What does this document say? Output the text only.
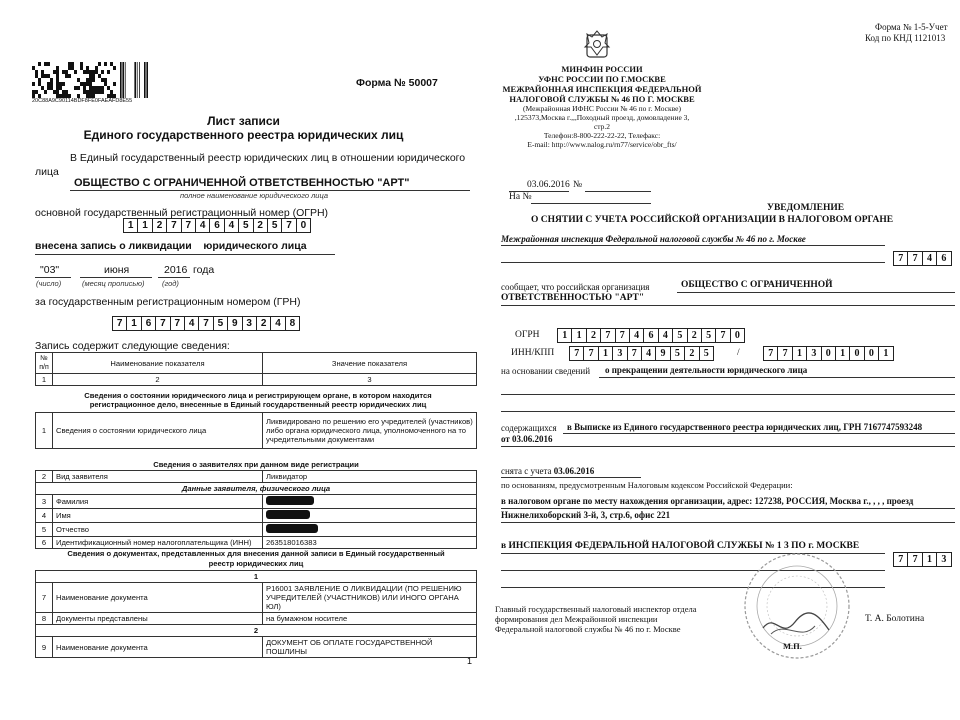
20C88A9C90114BDF8FE0FAEAFD8E55
Форма № 50007
Лист записи
Единого государственного реестра юридических лиц
В Единый государственный реестр юридических лиц в отношении юридического
лица
ОБЩЕСТВО С ОГРАНИЧЕННОЙ ОТВЕТСТВЕННОСТЬЮ "АРТ"
полное наименование юридического лица
основной государственный регистрационный номер (ОГРН)
1 1 2 7 7 4 6 4 5 2 5 7 0
внесена запись о ликвидации юридического лица
"03"	июня	2016 года
(число)	(месяц прописью) (год)
за государственным регистрационным номером (ГРН)
7 1 6 7 7 4 7 5 9 3 2 4 8
Запись содержит следующие сведения:
№ п/п	Наименование показателя	Значение показателя
1	2	3
Сведения о состоянии юридического лица и регистрирующем органе, в котором находится регистрационное дело, внесенные в Единый государственный реестр юридических лиц
1	Сведения о состоянии юридического лица	Ликвидировано по решению его учредителей (участников) либо органа юридического лица, уполномоченного на то учредительными документами
Сведения о заявителях при данном виде регистрации
2	Вид заявителя	Ликвидатор
Данные заявителя, физического лица		
3	Фамилия	
4	Имя	
5	Отчество	
6	Идентификационный номер налогоплательщика (ИНН)	263518016383
Сведения о документах, представленных для внесения данной записи в Единый государственный
реестр юридических лиц
1		
7	Наименование документа	Р16001 ЗАЯВЛЕНИЕ О ЛИКВИДАЦИИ (ПО РЕШЕНИЮ УЧРЕДИТЕЛЕЙ (УЧАСТНИКОВ) ИЛИ ИНОГО ОРГАНА ЮЛ)
8	Документы представлены	на бумажном носителе
2		
9	Наименование документа	ДОКУМЕНТ ОБ ОПЛАТЕ ГОСУДАРСТВЕННОЙ ПОШЛИНЫ
1
Форма № 1-5-Учет
Код по КНД 1121013
МИНФИН РОССИИ
УФНС РОССИИ ПО Г.МОСКВЕ
МЕЖРАЙОННАЯ ИНСПЕКЦИЯ ФЕДЕРАЛЬНОЙ
НАЛОГОВОЙ СЛУЖБЫ № 46 ПО Г. МОСКВЕ
(Межрайонная ИФНС России № 46 по г. Москве)
,125373,Москва г.,,,Походный проезд, домовладение 3,
стр.2
Телефон:8-800-222-22-22, Телефакс:
E-mail: http://www.nalog.ru/rn77/service/obr_fts/
03.06.2016 №
На №
УВЕДОМЛЕНИЕ
О СНЯТИИ С УЧЕТА РОССИЙСКОЙ ОРГАНИЗАЦИИ В НАЛОГОВОМ ОРГАНЕ
Межрайонная инспекция Федеральной налоговой службы № 46 по г. Москве
7 7 4 6
сообщает, что российская организация	ОБЩЕСТВО С ОГРАНИЧЕННОЙ
ОТВЕТСТВЕННОСТЬЮ "АРТ"
ОГРН	1 1 2 7 7 4 6 4 5 2 5 7 0
ИНН/КПП	7 7 1 3 7 4 9 5 2 5	/	7 7 1 3 0 1 0 0 1
на основании сведений о прекращении деятельности юридического лица
содержащихся в Выписке из Единого государственного реестра юридических лиц, ГРН 7167747593248
от 03.06.2016
снята с учета 03.06.2016
по основаниям, предусмотренным Налоговым кодексом Российской Федерации:
в налоговом органе по месту нахождения организации, адрес: 127238, РОССИЯ, Москва г., , , , проезд
Нижнелихоборский 3-й, 3, стр.6, офис 221
в ИНСПЕКЦИЯ ФЕДЕРАЛЬНОЙ НАЛОГОВОЙ СЛУЖБЫ № 1 3 ПО г. МОСКВЕ
7 7 1 3
Главный государственный налоговый инспектор отдела
формирования дел Межрайонной инспекции
Федеральной налоговой службы № 46 по г. Москве
М.П.
Т. А. Болотина
